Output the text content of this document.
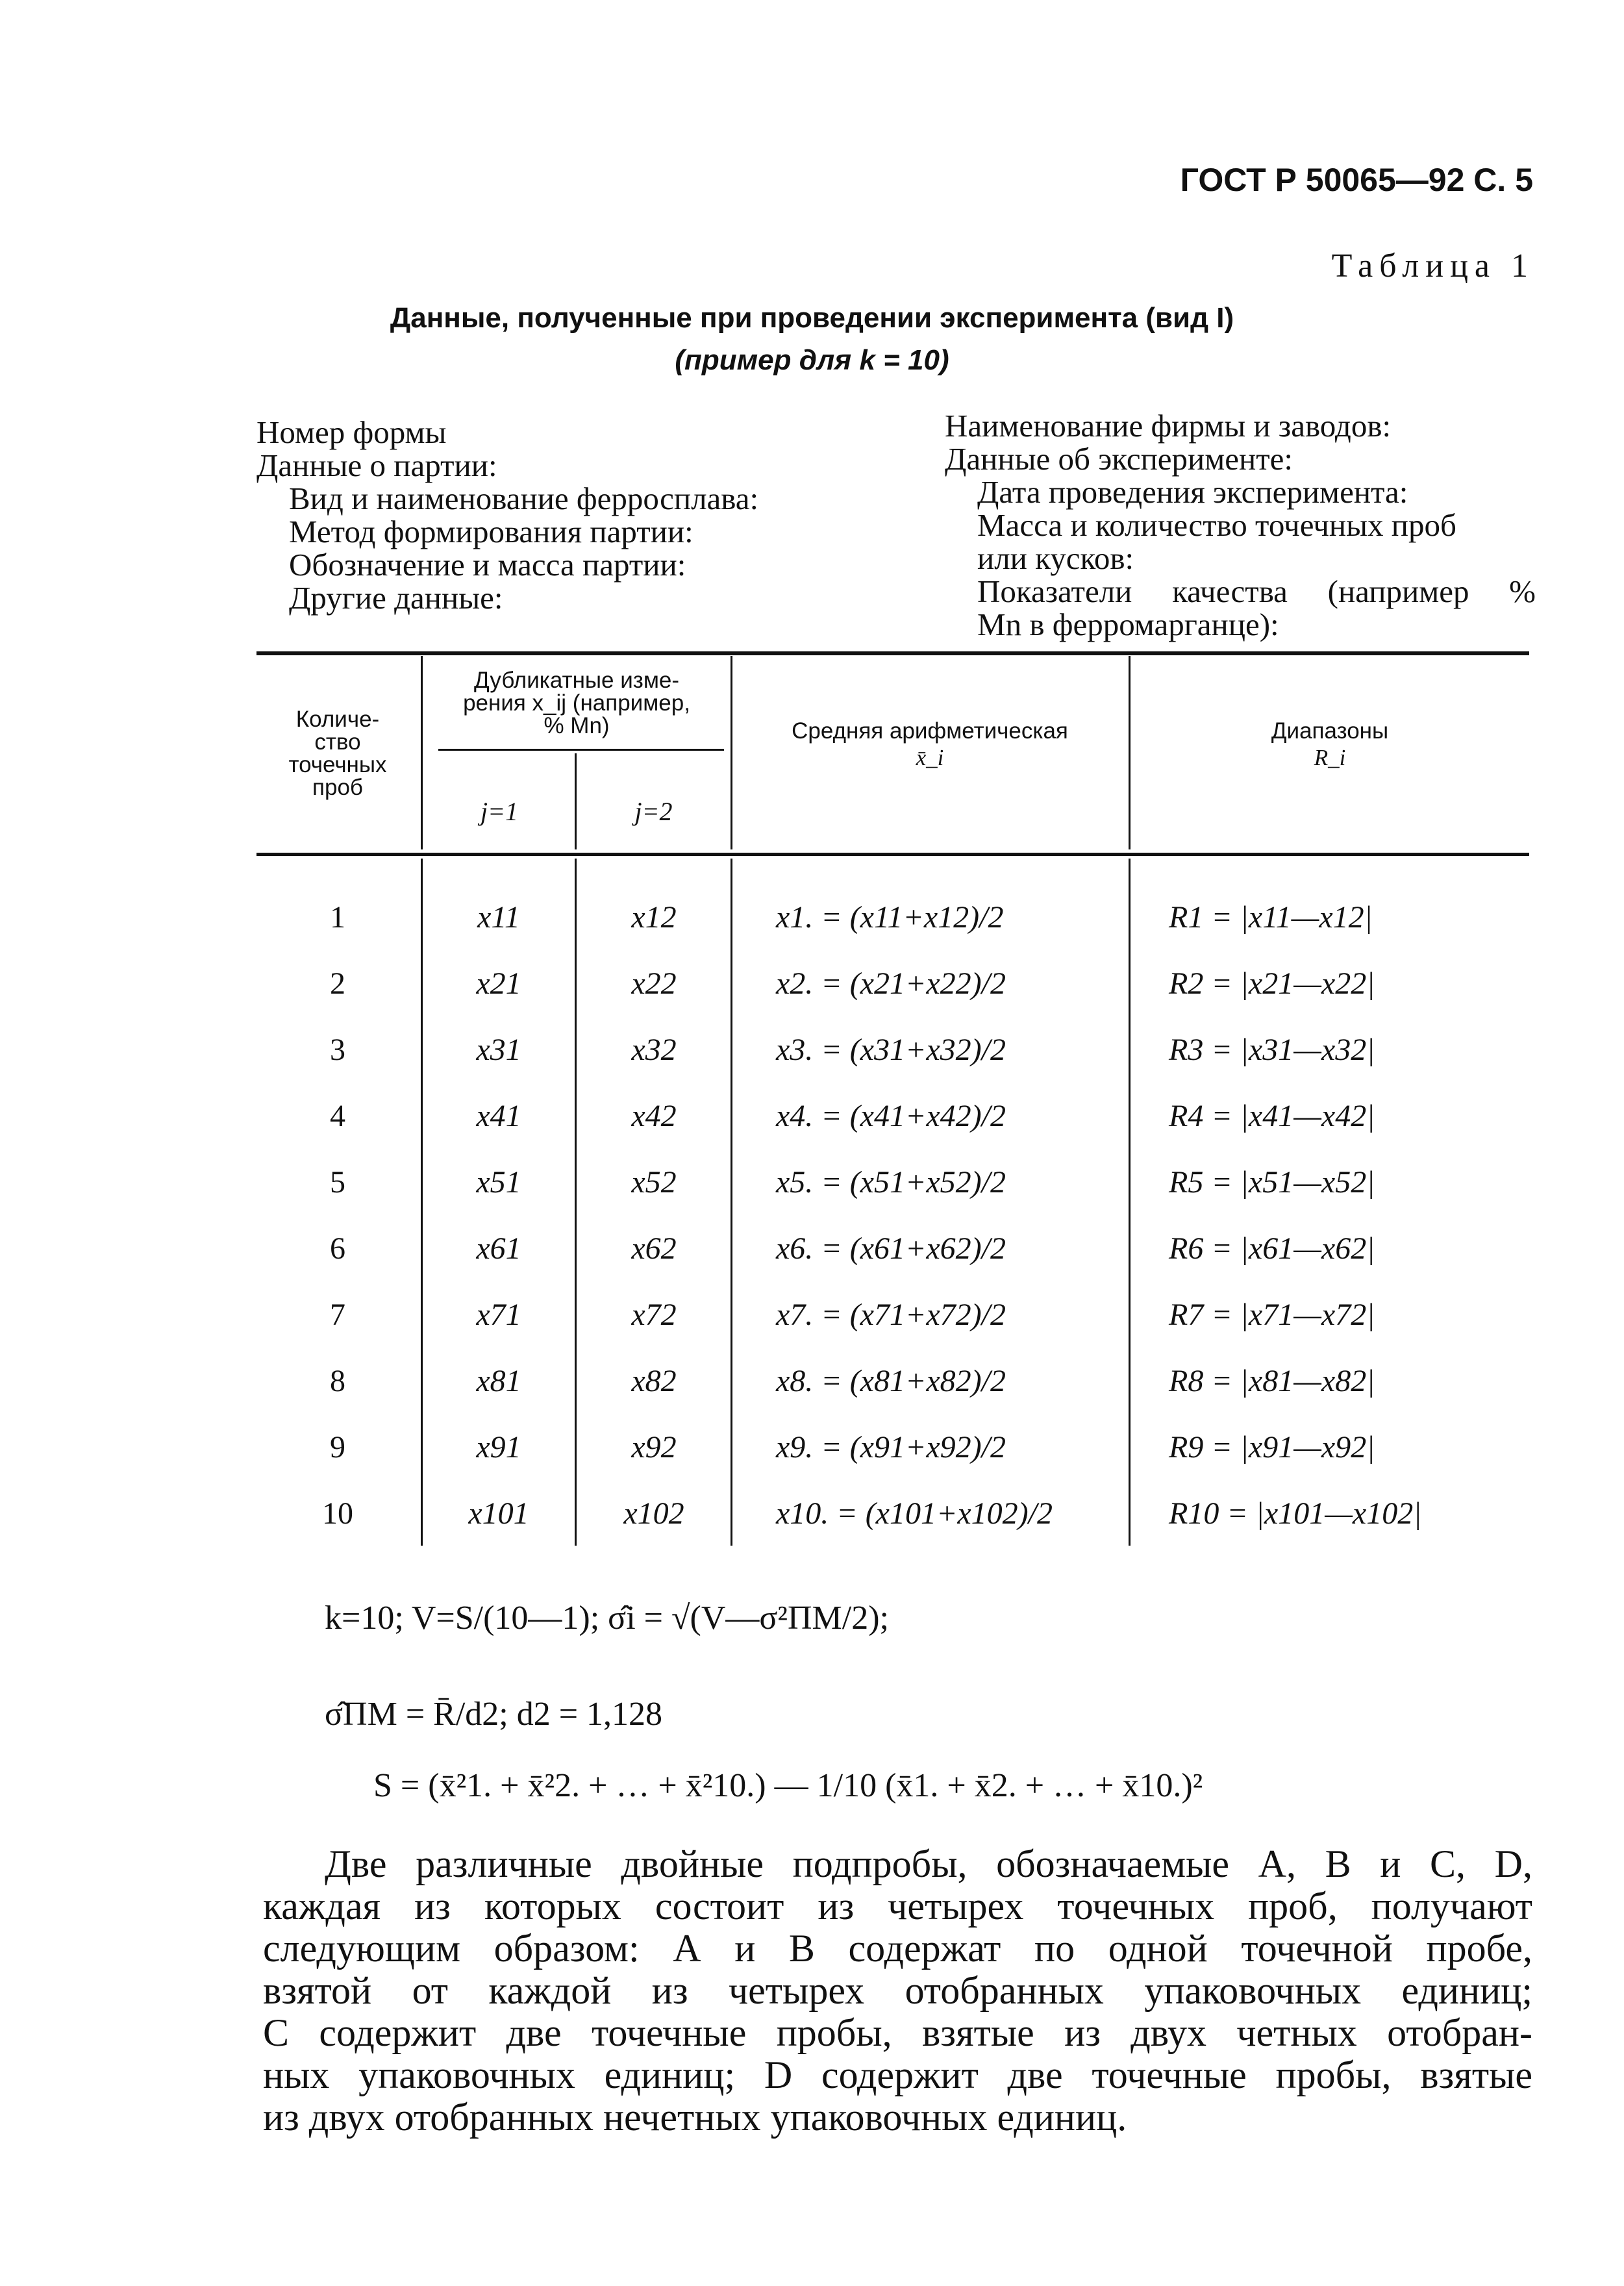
ГОСТ Р 50065—92 С. 5
Таблица 1
Данные, полученные при проведении эксперимента (вид I)
(пример для k = 10)
Номер формы
Данные о партии:
Вид и наименование ферросплава:
Метод формирования партии:
Обозначение и масса партии:
Другие данные:
Наименование фирмы и заводов:
Данные об эксперименте:
Дата проведения эксперимента:
Масса и количество точечных проб
или кусков:
Показатели качества (например %
Mn в ферромарганце):
Количе-
ство
точечных
проб
Дубликатные изме-
рения x_ij (например,
% Mn)
j=1	j=2
Средняя арифметическая
x̄_i
Диапазоны
R_i
1	x11	x12	x1. = (x11+x12)/2	R1 = |x11—x12|
2	x21	x22	x2. = (x21+x22)/2	R2 = |x21—x22|
3	x31	x32	x3. = (x31+x32)/2	R3 = |x31—x32|
4	x41	x42	x4. = (x41+x42)/2	R4 = |x41—x42|
5	x51	x52	x5. = (x51+x52)/2	R5 = |x51—x52|
6	x61	x62	x6. = (x61+x62)/2	R6 = |x61—x62|
7	x71	x72	x7. = (x71+x72)/2	R7 = |x71—x72|
8	x81	x82	x8. = (x81+x82)/2	R8 = |x81—x82|
9	x91	x92	x9. = (x91+x92)/2	R9 = |x91—x92|
10	x101	x102	x10. = (x101+x102)/2	R10 = |x101—x102|
k=10; V=S/(10—1); σ̂i = √(V—σ²ПМ/2);
σ̂ПМ = R̄/d2; d2 = 1,128
S = (x̄²1. + x̄²2. + … + x̄²10.) — 1/10 (x̄1. + x̄2. + … + x̄10.)²
Две различные двойные подпробы, обозначаемые А, В и С, D,
каждая из которых состоит из четырех точечных проб, получают
следующим образом: А и В содержат по одной точечной пробе,
взятой от каждой из четырех отобранных упаковочных единиц;
С содержит две точечные пробы, взятые из двух четных отобран-
ных упаковочных единиц; D содержит две точечные пробы, взятые
из двух отобранных нечетных упаковочных единиц.
